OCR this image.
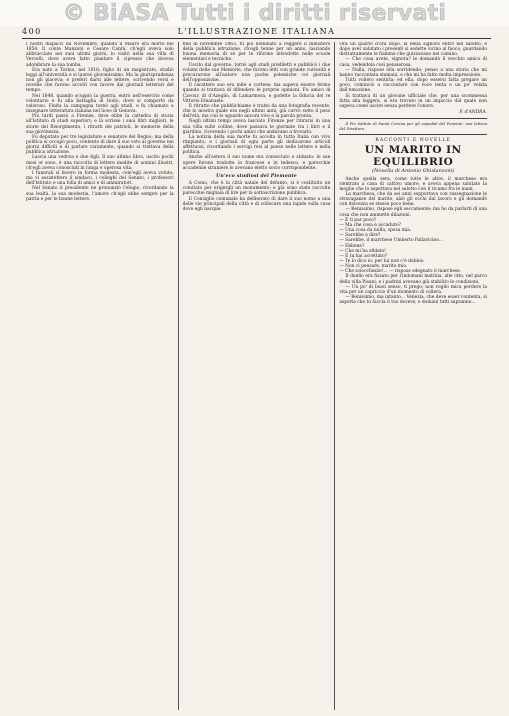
© BiASA Tutti i diritti riservati
400	L'ILLUSTRAZIONE ITALIANA

I nostri dispacci da Novembre, quando il Mauro era morto nel 1854. Il conte Manzoni e Cesare Cantù, ch'egli aveva solo abbracciato nei suoi ultimi giorni, lo visitò nella sua villa di Vercelli, dove aveva fatto piantare il cipresso che doveva adombrare la sua tomba.

Era nato a Torino, nel 1816; figlio di un magistrato, studiò leggi all'università e si laureò giovanissimo. Ma la giurisprudenza non gli piaceva; e preferì darsi alle lettere, scrivendo versi e novelle che furono accolti con favore dai giornali letterari del tempo.

Nel 1848, quando scoppiò la guerra, entrò nell'esercito come volontario e fu alla battaglia di Goito, dove si comportò da valoroso. Finita la campagna tornò agli studi, e fu chiamato a insegnare letteratura italiana nel liceo di Genova.

Più tardi passò a Firenze, dove ebbe la cattedra di storia all'Istituto di studi superiori; e là scrisse i suoi libri migliori, le storie del Risorgimento, i ritratti dei patrioti, le memorie della sua giovinezza.

Fu deputato per tre legislature e senatore del Regno; ma della politica si occupò poco, contento di dare il suo voto al governo nei giorni difficili e di parlare raramente, quando si trattava della pubblica istruzione.

Lascia una vedova e due figli. Il suo ultimo libro, uscito pochi mesi or sono, è una raccolta di lettere inedite di uomini illustri, ch'egli aveva conosciuti in lunga e operosa vita.

I funerali si fecero in forma modesta, com'egli aveva voluto; ma vi assistettero il sindaco, i colleghi del Senato, i professori dell'Istituto e una folla di amici e di ammiratori.

Nel Senato il presidente ne pronunziò l'elogio, ricordando la sua lealtà, la sua modestia, l'amore ch'egli ebbe sempre per la patria e per le buone lettere.

fine di novembre 1863, fu poi nominato a reggere il ministero della pubblica istruzione, ch'egli tenne per un anno, lasciando buona memoria di sé per le riforme introdotte nelle scuole elementari e tecniche.

Uscito dal governo, tornò agli studi prediletti e pubblicò i due volumi delle sue Memorie, che furono letti con grande curiosità e procurarono all'autore non poche polemiche coi giornali dell'opposizione.

Il carattere suo era mite e cortese; ma sapeva essere fermo quando si trattava di difendere le proprie opinioni. Fu amico di Cavour, di d'Azeglio, di Lamarmora, e godette la fiducia del re Vittorio Emanuele.

Il ritratto che pubblichiamo è tratto da una fotografia recente, che lo mostra quale era negli ultimi anni, già curvo sotto il peso dell'età, ma con lo sguardo ancora vivo e la parola pronta.

Negli ultimi tempi aveva lasciato Firenze per ritirarsi in una sua villa sulle colline, dove passava le giornate tra i libri e il giardino, ricevendo i pochi amici che andavano a trovarlo.

La notizia della sua morte fu accolta in tutta Italia con vivo rimpianto; e i giornali di ogni parte gli dedicarono articoli affettuosi, ricordando i servigi resi al paese nelle lettere e nella politica.

Anche all'estero il suo nome era conosciuto e stimato: le sue opere furono tradotte in francese e in tedesco, e parecchie accademie straniere lo avevano eletto socio corrispondente.

Un'eco studiosi del Piemonte

A Como, che è la città natale del defunto, si è costituito un comitato per erigergli un monumento; e già sono state raccolte parecchie migliaia di lire per la sottoscrizione pubblica.

Il Consiglio comunale ha deliberato di dare il suo nome a una delle vie principali della città e di collocare una lapide sulla casa dove egli nacque.

Ora un quarto d'ora dopo, la bella signora entrò nel salotto, e dopo aver salutato i presenti si sedette vicino al fuoco, guardando distrattamente le fiamme che guizzavano nel camino.

— Che cosa avete, signora? le domandò il vecchio amico di casa, vedendola così pensierosa.

— Nulla, rispose ella sorridendo; penso a una storia che mi hanno raccontata stamani, e che mi ha fatto molta impressione.

Tutti vollero sentirla; ed ella, dopo essersi fatta pregare un poco, cominciò a raccontare con voce lenta e un po' velata dall'emozione.

Si trattava di un giovane ufficiale che, per una scommessa fatta alla leggera, si era trovato in un impiccio dal quale non sapeva come uscire senza perdere l'onore.

F. d'ANDRA.

Il Pio Istituto di Santa Corona per gli ospedali del Ponente: una lettera del Direttore.

RACCONTI E NOVELLE
UN MARITO IN EQUILIBRIO
(Novella di Antonio Ghislanzoni)

Anche quella sera, come tutte le altre, il marchese era rientrato a casa di cattivo umore, e aveva appena salutato la moglie che lo aspettava nel salotto con il ricamo fra le mani.

La marchesa, che da sei anni sopportava con rassegnazione le stravaganze del marito, alzò gli occhi dal lavoro e gli domandò con dolcezza se stesse poco bene.

— Benissimo, rispose egli seccamente; ma ho da parlarti di una cosa che non ammette dilazioni.

— E ti par poco?

— Ma che cosa è accaduto?

— Una cosa da nulla, sposa mia.

— Sarebbe a dire?

— Sarebbe, il marchese Umberto Pallavicino...

— Ebbene?

— Che mi ha sfidato!

— E tu hai accettato?

— Te lo dico io: per lui non c'è dubbio.

— Non ci pensare, marito mio.

— Che sciocchezze!... — rispose sdegnato il marchese.

Il duello era fissato per l'indomani mattina, alle otto, nel parco della villa Pisani; e i padrini avevano già stabilito le condizioni.

— Un po' di buon senso, ti prego; non voglio mica perdere la vita per un capriccio d'un momento di collera.

— Benissimo, ma intanto... Venezia, che deve esser contenta, si aspetta che tu faccia il tuo dovere, e domani tutti sapranno...
